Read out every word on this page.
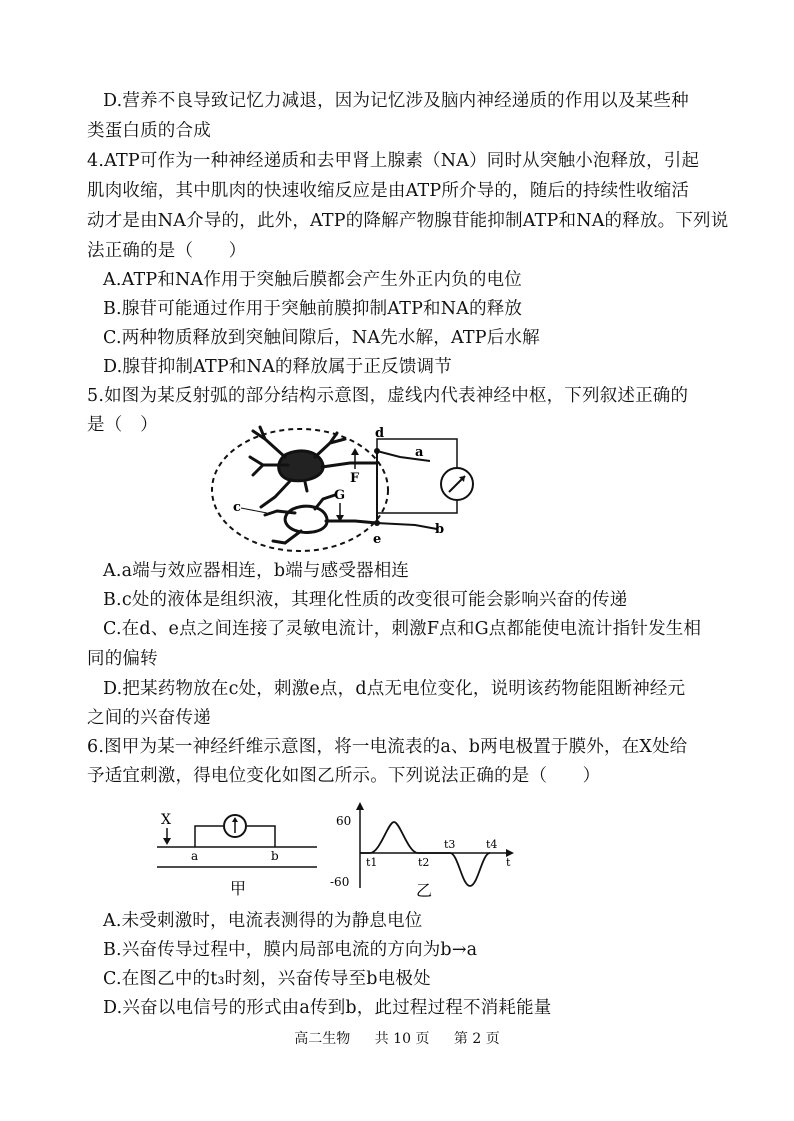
D.营养不良导致记忆力减退，因为记忆涉及脑内神经递质的作用以及某些种
类蛋白质的合成
4.ATP可作为一种神经递质和去甲肾上腺素（NA）同时从突触小泡释放，引起
肌肉收缩，其中肌肉的快速收缩反应是由ATP所介导的，随后的持续性收缩活
动才是由NA介导的，此外，ATP的降解产物腺苷能抑制ATP和NA的释放。下列说
法正确的是（　　）
A.ATP和NA作用于突触后膜都会产生外正内负的电位
B.腺苷可能通过作用于突触前膜抑制ATP和NA的释放
C.两种物质释放到突触间隙后，NA先水解，ATP后水解
D.腺苷抑制ATP和NA的释放属于正反馈调节
5.如图为某反射弧的部分结构示意图，虚线内代表神经中枢，下列叙述正确的
是（　）	d
a
F
G
c
e
b
A.a端与效应器相连，b端与感受器相连
B.c处的液体是组织液，其理化性质的改变很可能会影响兴奋的传递
C.在d、e点之间连接了灵敏电流计，刺激F点和G点都能使电流计指针发生相
同的偏转
D.把某药物放在c处，刺激e点，d点无电位变化，说明该药物能阻断神经元
之间的兴奋传递
6.图甲为某一神经纤维示意图，将一电流表的a、b两电极置于膜外，在X处给
予适宜刺激，得电位变化如图乙所示。下列说法正确的是（　　）
X
a	b
甲
60
-60
t1	t2
t3	t4
t
乙
A.未受刺激时，电流表测得的为静息电位
B.兴奋传导过程中，膜内局部电流的方向为b→a
C.在图乙中的t₃时刻，兴奋传导至b电极处
D.兴奋以电信号的形式由a传到b，此过程过程不消耗能量
高二生物 共 10 页 第 2 页
